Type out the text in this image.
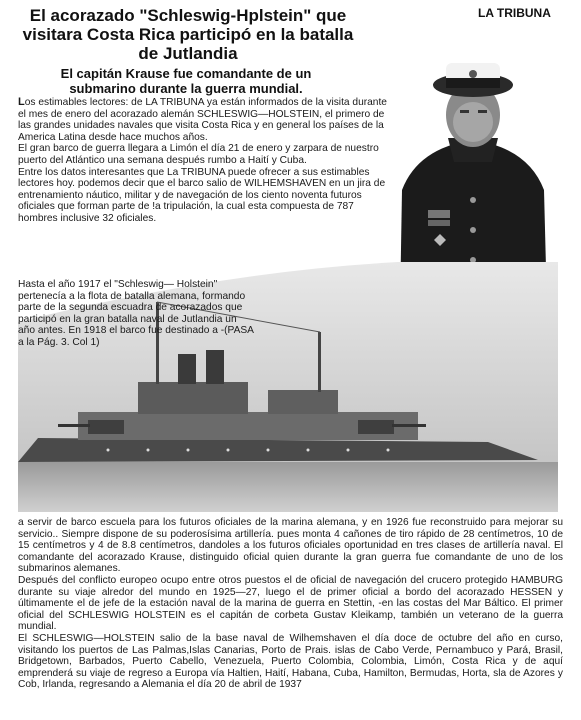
El acorazado "Schleswig-Hplstein" que visitara Costa Rica participó en la batalla de Jutlandia
El capitán Krause fue comandante de un submarino durante la guerra mundial.
LA TRIBUNA

Los estimables lectores: de LA TRIBUNA ya están informados de la visita durante el mes de enero del acorazado alemán SCHLESWIG—HOLSTEIN, el primero de las grandes unidades navales que visita Costa Rica y en general los países de la America Latina desde hace muchos años.

El gran barco de guerra llegara a Limón el día 21 de enero y zarpara de nuestro puerto del Atlántico una semana después rumbo a Haití y Cuba.

Entre los datos interesantes que La TRIBUNA puede ofrecer a sus estimables lectores hoy. podemos decir que el barco salio de WILHEMSHAVEN en un jira de entrenamiento náutico, militar y de navegación de los ciento noventa futuros oficiales que forman parte de !a tripulación, la cual esta compuesta de 787 hombres inclusive 32 oficiales.

Hasta el año 1917 el "Schleswig— Holstein" pertenecía a la flota de batalla alemana, formando parte de la segunda escuadra de acorazados que participó en la gran batalla naval de Jutlandia un año antes. En 1918 el barco fue destinado a -(PASA a la Pág. 3. Col 1)

a servir de barco escuela para los futuros oficiales de la marina alemana, y en 1926 fue reconstruido para mejorar su servicio.. Siempre dispone de su poderosísima artillería. pues monta 4 cañones de tiro rápido de 28 centímetros, 10 de 15 centímetros y 4 de 8.8 centímetros, dandoles a los futuros oficiales oportunidad en tres clases de artillería naval. El comandante del acorazado Krause, distinguido oficial quien durante la gran guerra fue comandante de uno de los submarinos alemanes.

Después del conflicto europeo ocupo entre otros puestos el de oficial de navegación del crucero protegido HAMBURG durante su viaje alredor del mundo en 1925—27, luego el de primer oficial a bordo del acorazado HESSEN y últimamente el de jefe de la estación naval de la marina de guerra en Stettin, -en las costas del Mar Báltico. El primer oficial del SCHLESWIG HOLSTEIN es el capitán de corbeta Gustav Kleikamp, también un veterano de la guerra mundial.

El SCHLESWIG—HOLSTEIN salio de la base naval de Wilhemshaven el día doce de octubre del año en curso, visitando los puertos de Las Palmas,Islas Canarias, Porto de Prais. islas de Cabo Verde, Pernambuco y Pará, Brasil, Bridgetown, Barbados, Puerto Cabello, Venezuela, Puerto Colombia, Colombia, Limón, Costa Rica y de aquí emprenderá su viaje de regreso a Europa vía Haltien, Haití, Habana, Cuba, Hamilton, Bermudas, Horta, sla de Azores y Cob, Irlanda, regresando a Alemania el día 20 de abril de 1937
